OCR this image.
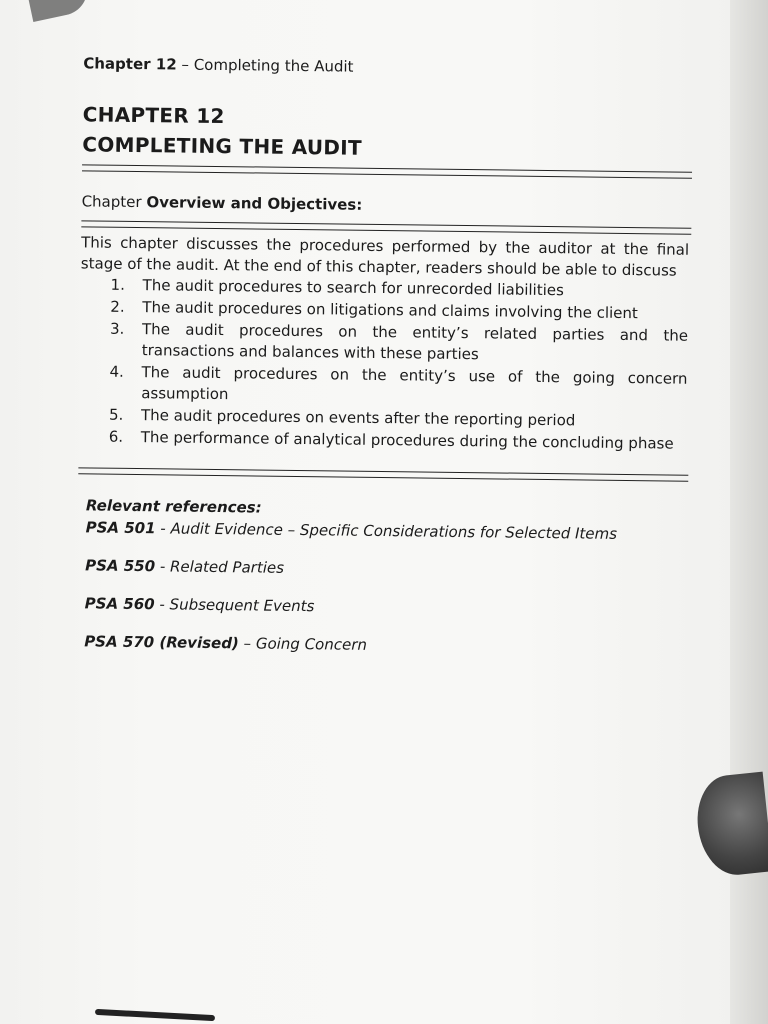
Chapter 12 – Completing the Audit
CHAPTER 12
COMPLETING THE AUDIT
Chapter Overview and Objectives:
This chapter discusses the procedures performed by the auditor at the final stage of the audit. At the end of this chapter, readers should be able to discuss
1. The audit procedures to search for unrecorded liabilities
2. The audit procedures on litigations and claims involving the client
3. The audit procedures on the entity’s related parties and the transactions and balances with these parties
4. The audit procedures on the entity’s use of the going concern assumption
5. The audit procedures on events after the reporting period
6. The performance of analytical procedures during the concluding phase
Relevant references:
PSA 501 - Audit Evidence – Specific Considerations for Selected Items
PSA 550 - Related Parties
PSA 560 - Subsequent Events
PSA 570 (Revised) – Going Concern
